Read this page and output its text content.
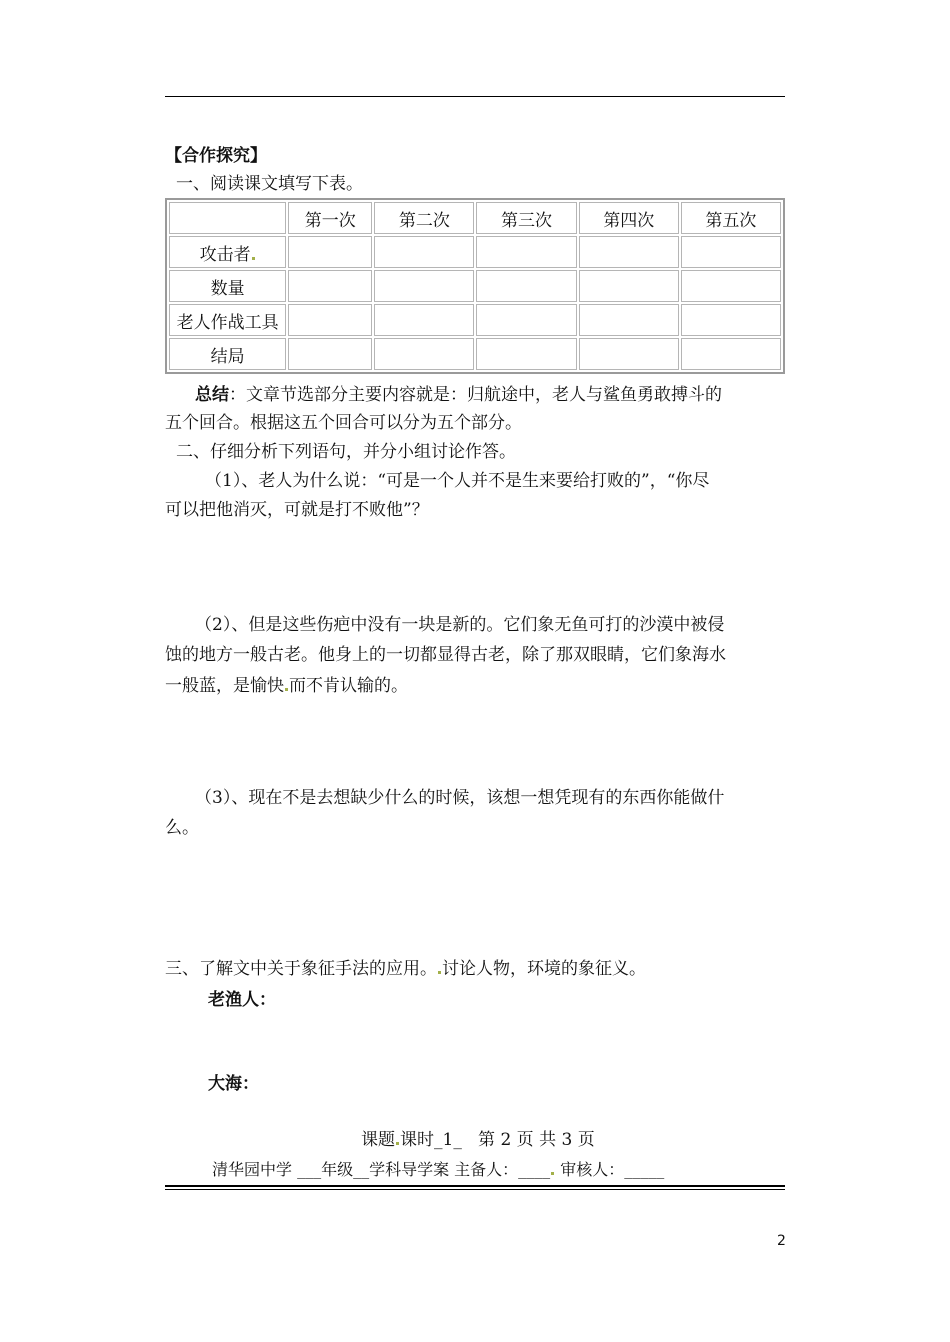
【合作探究】
一、阅读课文填写下表。
	第一次	第二次	第三次	第四次	第五次
攻击者					
数量					
老人作战工具					
结局					
总结：文章节选部分主要内容就是：归航途中，老人与鲨鱼勇敢搏斗的
五个回合。根据这五个回合可以分为五个部分。
二、仔细分析下列语句，并分小组讨论作答。
（1）、老人为什么说：“可是一个人并不是生来要给打败的”，“你尽
可以把他消灭，可就是打不败他”？
（2）、但是这些伤疤中没有一块是新的。它们象无鱼可打的沙漠中被侵
蚀的地方一般古老。他身上的一切都显得古老，除了那双眼睛，它们象海水
一般蓝，是愉快 而不肯认输的。
（3）、现在不是去想缺少什么的时候，该想一想凭现有的东西你能做什
么。
三、了解文中关于象征手法的应用。 讨论人物，环境的象征义。
老渔人：
大海：
课题 课时_1_ 第 2 页 共 3 页
清华园中学 ___年级__学科导学案 主备人：____ 审核人：_____
2
